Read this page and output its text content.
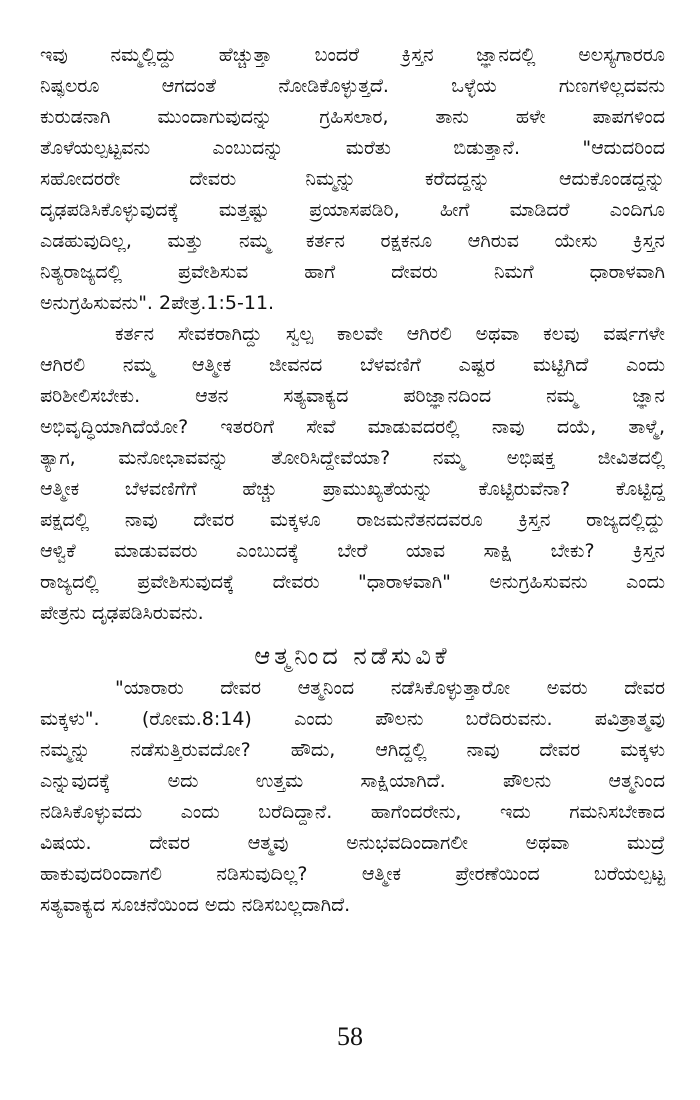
ಇವು ನಮ್ಮಲ್ಲಿದ್ದು ಹೆಚ್ಚುತ್ತಾ ಬಂದರೆ ಕ್ರಿಸ್ತನ ಜ್ಞಾನದಲ್ಲಿ ಅಲಸ್ಯಗಾರರೂ
ನಿಷ್ಫಲರೂ ಆಗದಂತೆ ನೋಡಿಕೊಳ್ಳುತ್ತದೆ. ಒಳ್ಳೆಯ ಗುಣಗಳಿಲ್ಲದವನು
ಕುರುಡನಾಗಿ ಮುಂದಾಗುವುದನ್ನು ಗ್ರಹಿಸಲಾರ, ತಾನು ಹಳೇ ಪಾಪಗಳಿಂದ
ತೊಳೆಯಲ್ಪಟ್ಟವನು ಎಂಬುದನ್ನು ಮರೆತು ಬಿಡುತ್ತಾನೆ. "ಆದುದರಿಂದ
ಸಹೋದರರೇ ದೇವರು ನಿಮ್ಮನ್ನು ಕರೆದದ್ದನ್ನು ಆದುಕೊಂಡದ್ದನ್ನು
ದೃಢಪಡಿಸಿಕೊಳ್ಳುವುದಕ್ಕೆ ಮತ್ತಷ್ಟು ಪ್ರಯಾಸಪಡಿರಿ, ಹೀಗೆ ಮಾಡಿದರೆ ಎಂದಿಗೂ
ಎಡಹುವುದಿಲ್ಲ, ಮತ್ತು ನಮ್ಮ ಕರ್ತನ ರಕ್ಷಕನೂ ಆಗಿರುವ ಯೇಸು ಕ್ರಿಸ್ತನ
ನಿತ್ಯರಾಜ್ಯದಲ್ಲಿ ಪ್ರವೇಶಿಸುವ ಹಾಗೆ ದೇವರು ನಿಮಗೆ ಧಾರಾಳವಾಗಿ
ಅನುಗ್ರಹಿಸುವನು". 2ಪೇತ್ರ.1:5-11.
ಕರ್ತನ ಸೇವಕರಾಗಿದ್ದು ಸ್ವಲ್ಪ ಕಾಲವೇ ಆಗಿರಲಿ ಅಥವಾ ಕಲವು ವರ್ಷಗಳೇ
ಆಗಿರಲಿ ನಮ್ಮ ಆತ್ಮೀಕ ಜೀವನದ ಬೆಳವಣಿಗೆ ಎಷ್ಟರ ಮಟ್ಟಿಗಿದೆ ಎಂದು
ಪರಿಶೀಲಿಸಬೇಕು. ಆತನ ಸತ್ಯವಾಕ್ಯದ ಪರಿಜ್ಞಾನದಿಂದ ನಮ್ಮ ಜ್ಞಾನ
ಅಭಿವೃದ್ಧಿಯಾಗಿದೆಯೋ? ಇತರರಿಗೆ ಸೇವೆ ಮಾಡುವದರಲ್ಲಿ ನಾವು ದಯೆ, ತಾಳ್ಮೆ,
ತ್ಯಾಗ, ಮನೋಭಾವವನ್ನು ತೋರಿಸಿದ್ದೇವೆಯಾ? ನಮ್ಮ ಅಭಿಷಕ್ತ ಜೀವಿತದಲ್ಲಿ
ಆತ್ಮೀಕ ಬೆಳವಣಿಗೆಗೆ ಹೆಚ್ಚು ಪ್ರಾಮುಖ್ಯತೆಯನ್ನು ಕೊಟ್ಟಿರುವೆನಾ? ಕೊಟ್ಟಿದ್ದ
ಪಕ್ಷದಲ್ಲಿ ನಾವು ದೇವರ ಮಕ್ಕಳೂ ರಾಜಮನೆತನದವರೂ ಕ್ರಿಸ್ತನ ರಾಜ್ಯದಲ್ಲಿದ್ದು
ಆಳ್ವಿಕೆ ಮಾಡುವವರು ಎಂಬುದಕ್ಕೆ ಬೇರೆ ಯಾವ ಸಾಕ್ಷಿ ಬೇಕು? ಕ್ರಿಸ್ತನ
ರಾಜ್ಯದಲ್ಲಿ ಪ್ರವೇಶಿಸುವುದಕ್ಕೆ ದೇವರು "ಧಾರಾಳವಾಗಿ" ಅನುಗ್ರಹಿಸುವನು ಎಂದು
ಪೇತ್ರನು ದೃಢಪಡಿಸಿರುವನು.
ಆತ್ಮನಿಂದ ನಡೆಸುವಿಕೆ
"ಯಾರಾರು ದೇವರ ಆತ್ಮನಿಂದ ನಡೆಸಿಕೊಳ್ಳುತ್ತಾರೋ ಅವರು ದೇವರ
ಮಕ್ಕಳು". (ರೋಮ.8:14) ಎಂದು ಪೌಲನು ಬರೆದಿರುವನು. ಪವಿತ್ರಾತ್ಮವು
ನಮ್ಮನ್ನು ನಡೆಸುತ್ತಿರುವದೋ? ಹೌದು, ಆಗಿದ್ದಲ್ಲಿ ನಾವು ದೇವರ ಮಕ್ಕಳು
ಎನ್ನುವುದಕ್ಕೆ ಅದು ಉತ್ತಮ ಸಾಕ್ಷಿಯಾಗಿದೆ. ಪೌಲನು ಆತ್ಮನಿಂದ
ನಡಿಸಿಕೊಳ್ಳುವದು ಎಂದು ಬರೆದಿದ್ದಾನೆ. ಹಾಗೆಂದರೇನು, ಇದು ಗಮನಿಸಬೇಕಾದ
ವಿಷಯ. ದೇವರ ಆತ್ಮವು ಅನುಭವದಿಂದಾಗಲೀ ಅಥವಾ ಮುದ್ರೆ
ಹಾಕುವುದರಿಂದಾಗಲಿ ನಡಿಸುವುದಿಲ್ಲ? ಆತ್ಮೀಕ ಪ್ರೇರಣೆಯಿಂದ ಬರೆಯಲ್ಪಟ್ಟ
ಸತ್ಯವಾಕ್ಯದ ಸೂಚನೆಯಿಂದ ಅದು ನಡಿಸಬಲ್ಲದಾಗಿದೆ.
58
